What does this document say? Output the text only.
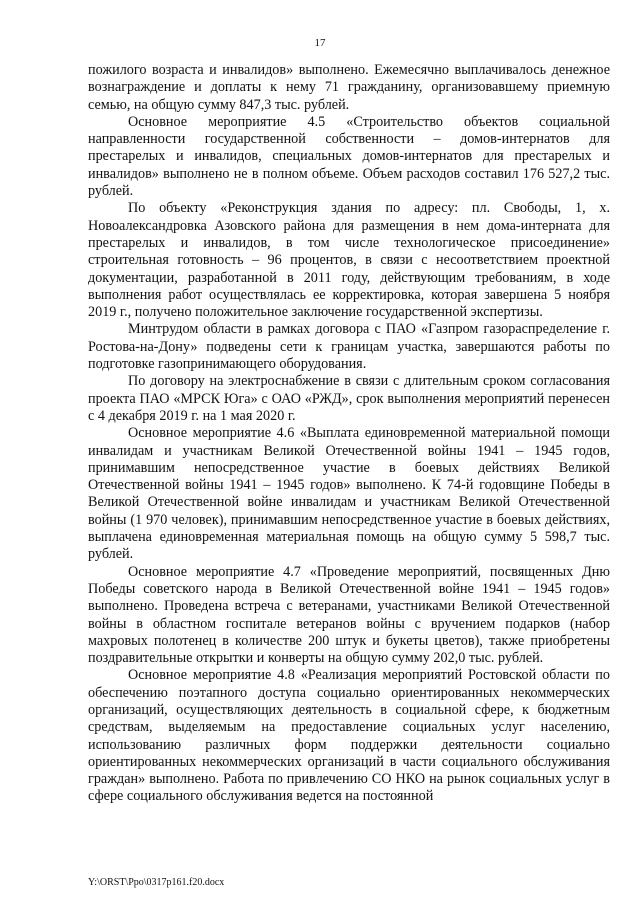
17

пожилого возраста и инвалидов» выполнено. Ежемесячно выплачивалось денежное вознаграждение и доплаты к нему 71 гражданину, организовавшему приемную семью, на общую сумму 847,3 тыс. рублей.

Основное мероприятие 4.5 «Строительство объектов социальной направленности государственной собственности – домов-интернатов для престарелых и инвалидов, специальных домов-интернатов для престарелых и инвалидов» выполнено не в полном объеме. Объем расходов составил 176 527,2 тыс. рублей.

По объекту «Реконструкция здания по адресу: пл. Свободы, 1, х. Новоалександровка Азовского района для размещения в нем дома-интерната для престарелых и инвалидов, в том числе технологическое присоединение» строительная готовность – 96 процентов, в связи с несоответствием проектной документации, разработанной в 2011 году, действующим требованиям, в ходе выполнения работ осуществлялась ее корректировка, которая завершена 5 ноября 2019 г., получено положительное заключение государственной экспертизы.

Минтрудом области в рамках договора с ПАО «Газпром газораспределение г. Ростова-на-Дону» подведены сети к границам участка, завершаются работы по подготовке газопринимающего оборудования.

По договору на электроснабжение в связи с длительным сроком согласования проекта ПАО «МРСК Юга» с ОАО «РЖД», срок выполнения мероприятий перенесен с 4 декабря 2019 г. на 1 мая 2020 г.

Основное мероприятие 4.6 «Выплата единовременной материальной помощи инвалидам и участникам Великой Отечественной войны 1941 – 1945 годов, принимавшим непосредственное участие в боевых действиях Великой Отечественной войны 1941 – 1945 годов» выполнено. К 74-й годовщине Победы в Великой Отечественной войне инвалидам и участникам Великой Отечественной войны (1 970 человек), принимавшим непосредственное участие в боевых действиях, выплачена единовременная материальная помощь на общую сумму 5 598,7 тыс. рублей.

Основное мероприятие 4.7 «Проведение мероприятий, посвященных Дню Победы советского народа в Великой Отечественной войне 1941 – 1945 годов» выполнено. Проведена встреча с ветеранами, участниками Великой Отечественной войны в областном госпитале ветеранов войны с вручением подарков (набор махровых полотенец в количестве 200 штук и букеты цветов), также приобретены поздравительные открытки и конверты на общую сумму 202,0 тыс. рублей.

Основное мероприятие 4.8 «Реализация мероприятий Ростовской области по обеспечению поэтапного доступа социально ориентированных некоммерческих организаций, осуществляющих деятельность в социальной сфере, к бюджетным средствам, выделяемым на предоставление социальных услуг населению, использованию различных форм поддержки деятельности социально ориентированных некоммерческих организаций в части социального обслуживания граждан» выполнено. Работа по привлечению СО НКО на рынок социальных услуг в сфере социального обслуживания ведется на постоянной

Y:\ORST\Ppo\0317p161.f20.docx
